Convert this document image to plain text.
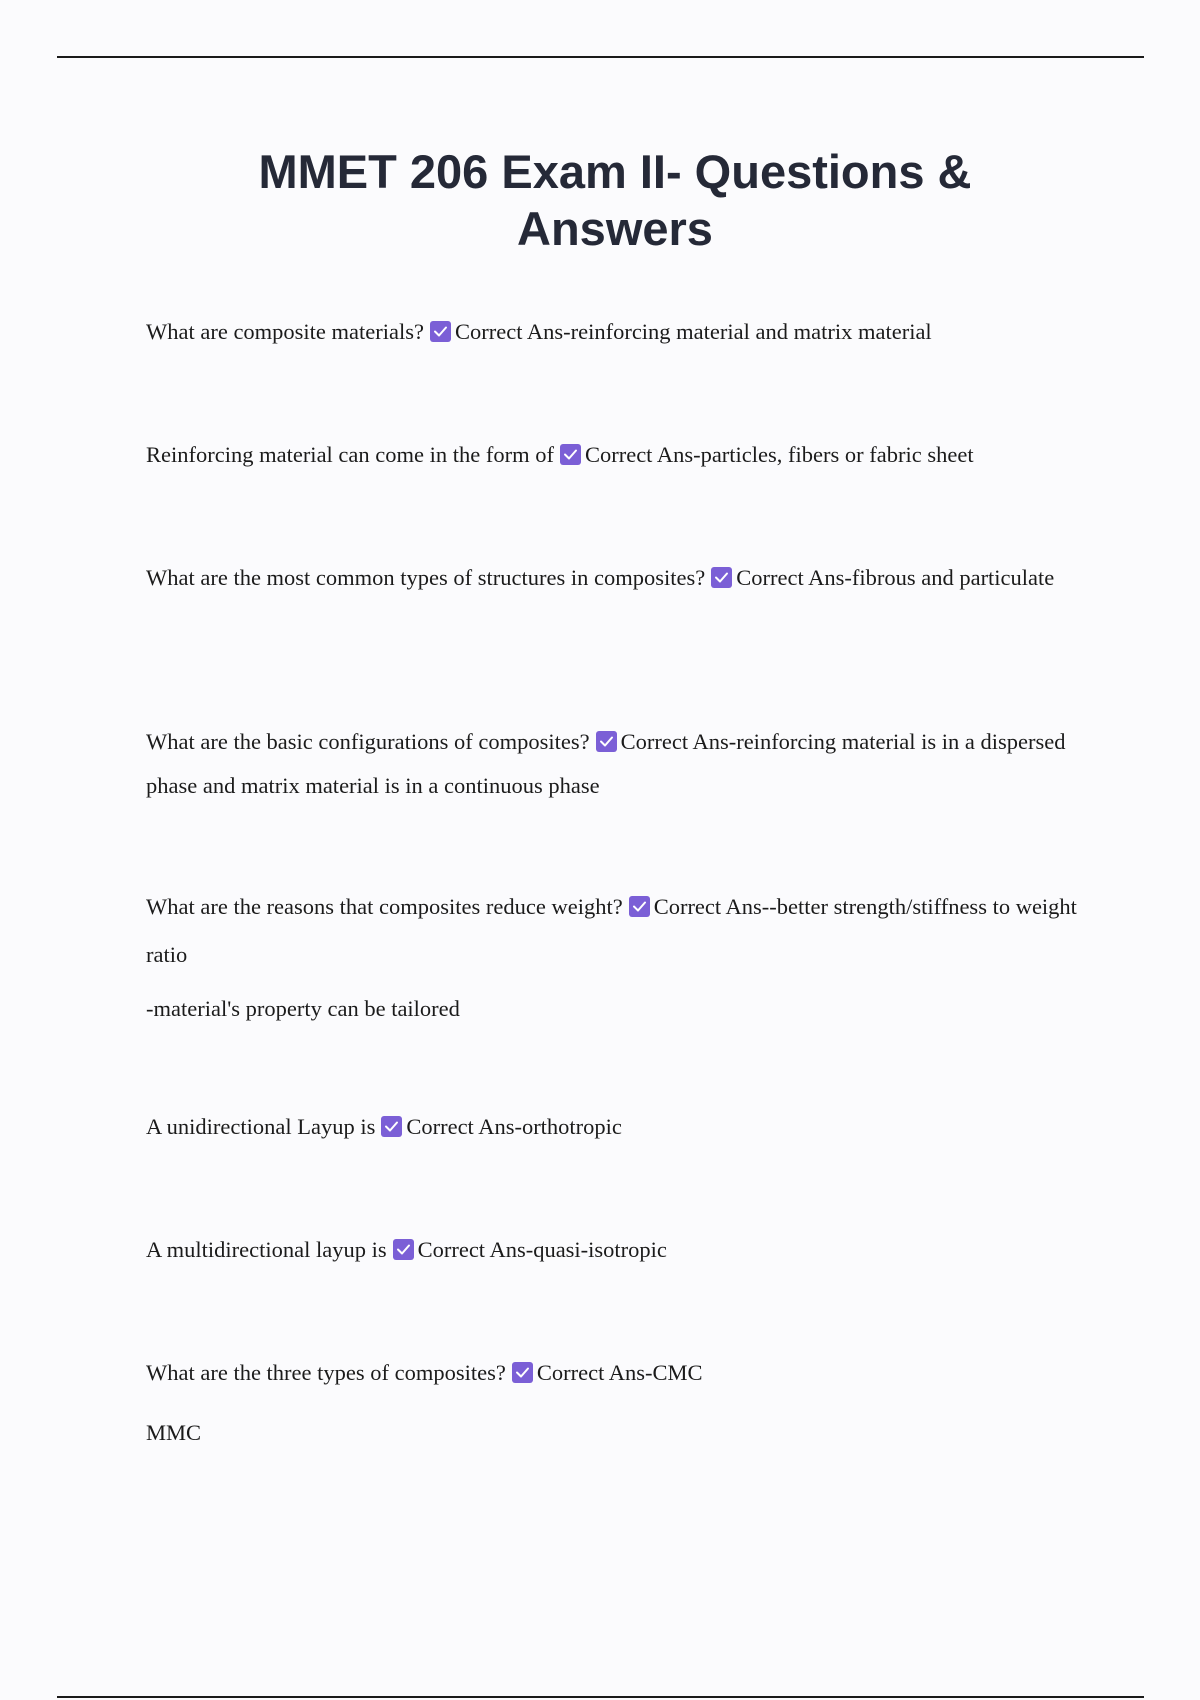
MMET 206 Exam II- Questions & Answers

What are composite materials? Correct Ans-reinforcing material and matrix material

Reinforcing material can come in the form of Correct Ans-particles, fibers or fabric sheet

What are the most common types of structures in composites? Correct Ans-fibrous and particulate

What are the basic configurations of composites? Correct Ans-reinforcing material is in a dispersed phase and matrix material is in a continuous phase

What are the reasons that composites reduce weight? Correct Ans--better strength/stiffness to weight ratio

-material's property can be tailored

A unidirectional Layup is Correct Ans-orthotropic

A multidirectional layup is Correct Ans-quasi-isotropic

What are the three types of composites? Correct Ans-CMC

MMC
